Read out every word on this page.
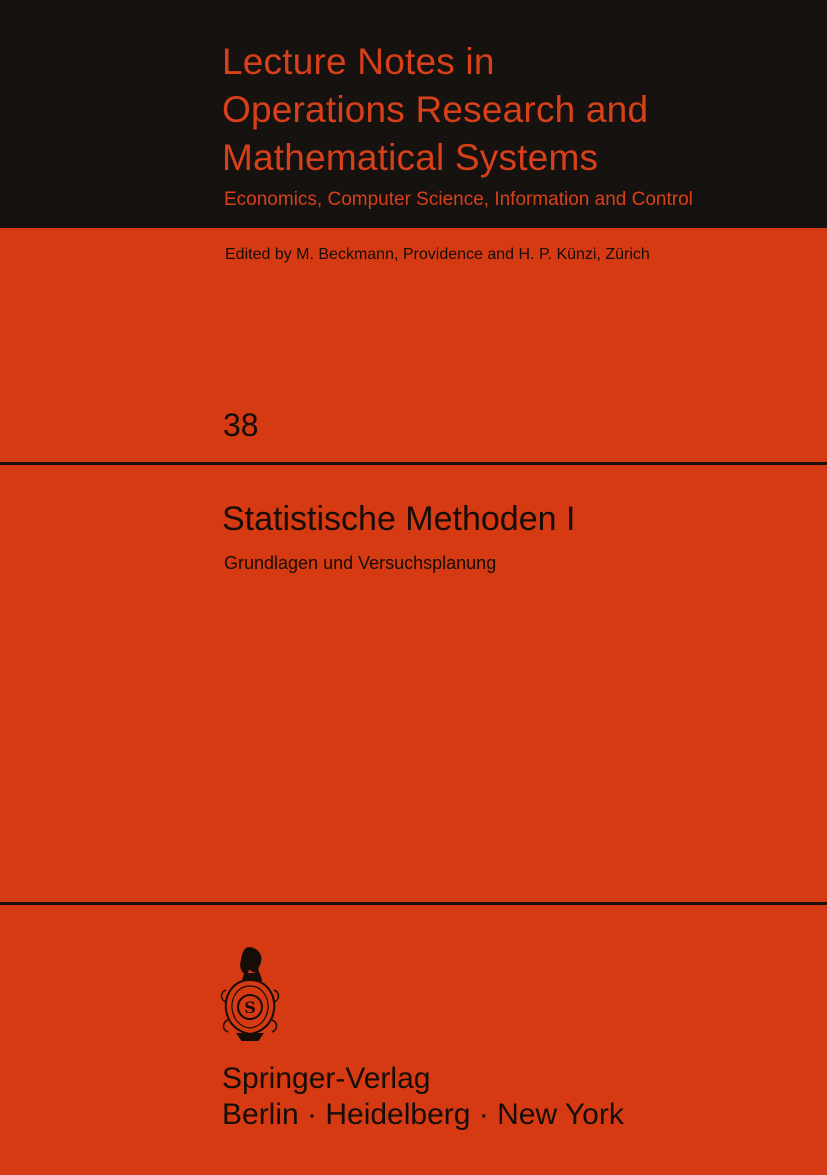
Lecture Notes in
Operations Research and
Mathematical Systems
Economics, Computer Science, Information and Control
Edited by M. Beckmann, Providence and H. P. Künzi, Zürich
38
Statistische Methoden I
Grundlagen und Versuchsplanung
S
Springer-Verlag
Berlin · Heidelberg · New York
